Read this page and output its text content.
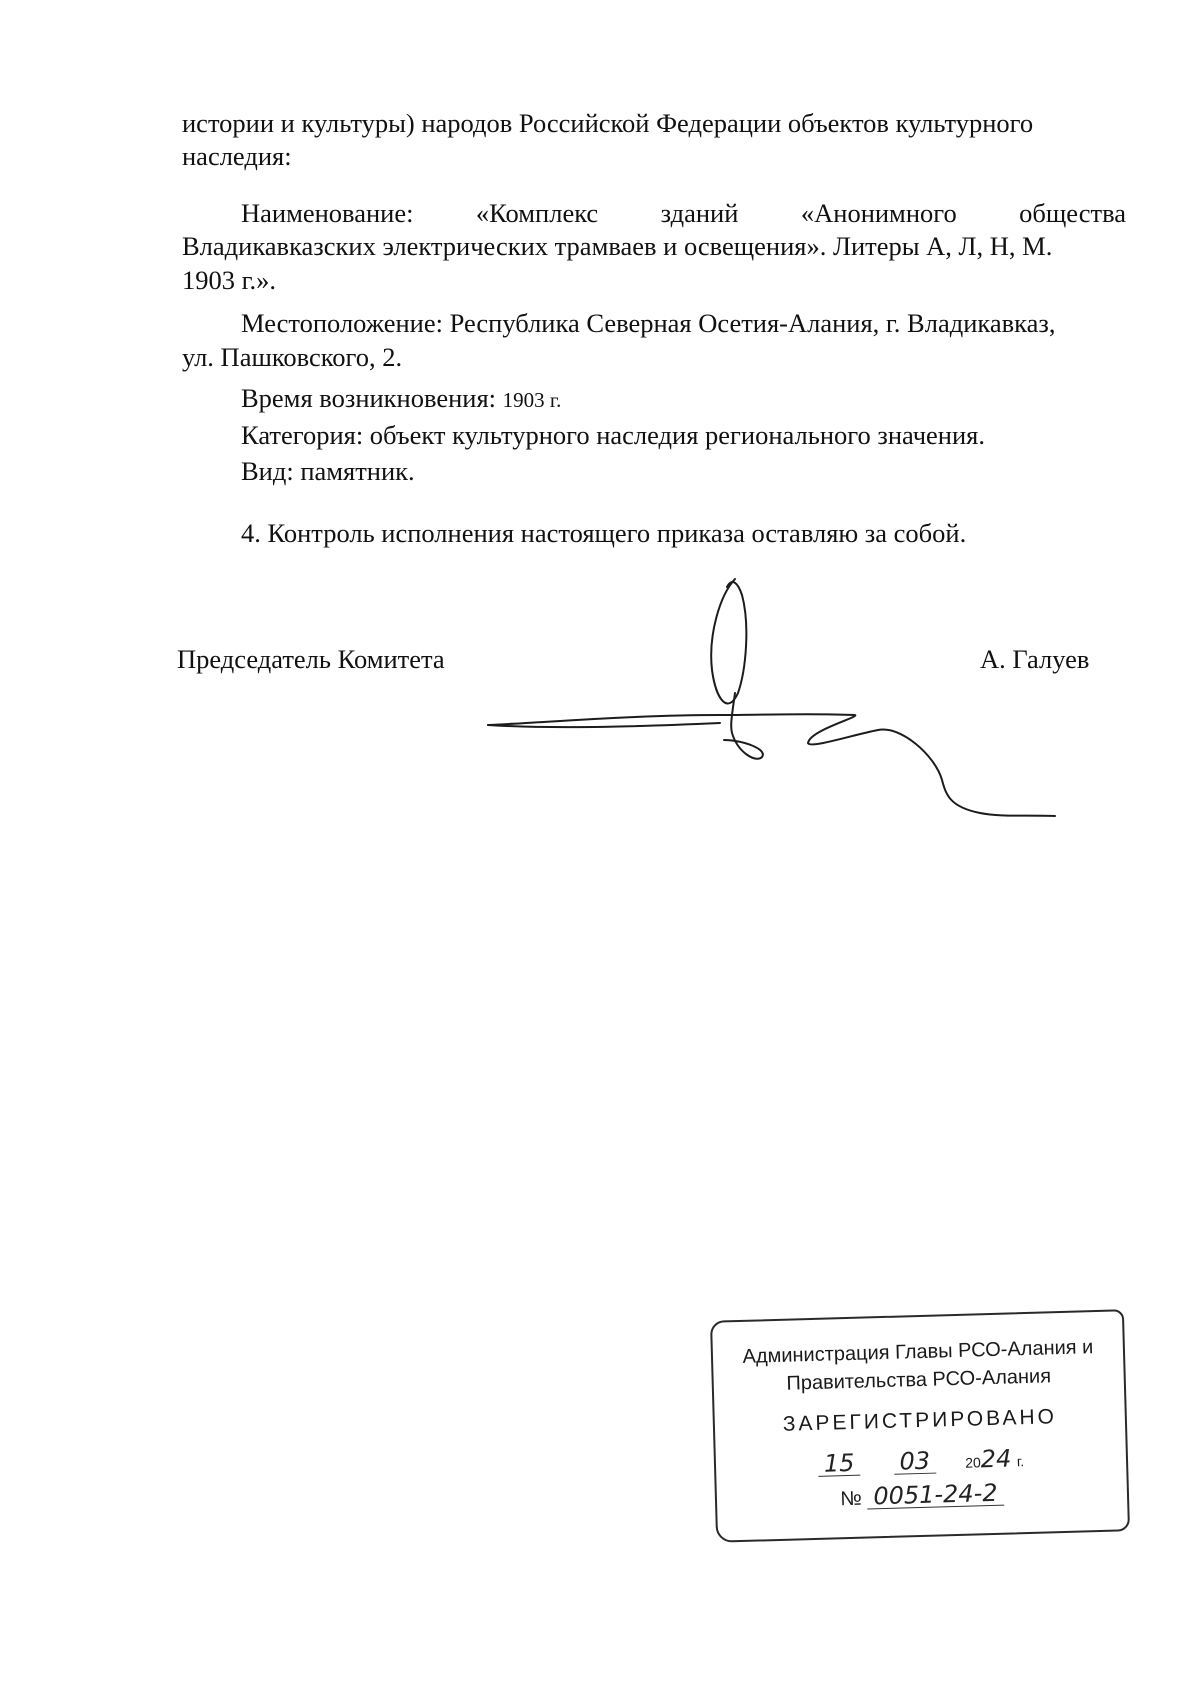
истории и культуры) народов Российской Федерации объектов культурного
наследия:
Наименование: «Комплекс зданий «Анонимного общества
Владикавказских электрических трамваев и освещения». Литеры А, Л, Н, М.
1903 г.».
Местоположение: Республика Северная Осетия-Алания, г. Владикавказ,
ул. Пашковского, 2.
Время возникновения: 1903 г.
Категория: объект культурного наследия регионального значения.
Вид: памятник.
4. Контроль исполнения настоящего приказа оставляю за собой.
Председатель Комитета	А. Галуев
Администрация Главы РСО-Алания и
Правительства РСО-Алания
ЗАРЕГИСТРИРОВАНО
15 03 2024 г.
№ 0051-24-2
